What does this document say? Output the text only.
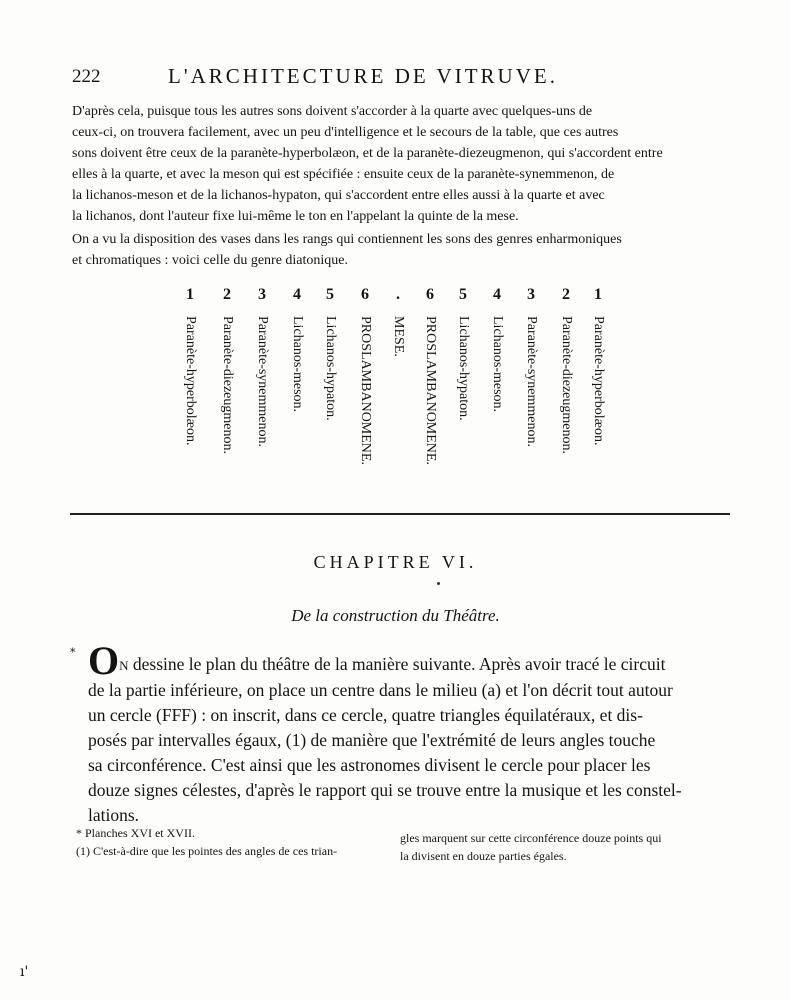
222	L'ARCHITECTURE DE VITRUVE.
D'après cela, puisque tous les autres sons doivent s'accorder à la quarte avec quelques-uns de
ceux-ci, on trouvera facilement, avec un peu d'intelligence et le secours de la table, que ces autres
sons doivent être ceux de la paranète-hyperbolæon, et de la paranète-diezeugmenon, qui s'accordent entre
elles à la quarte, et avec la meson qui est spécifiée : ensuite ceux de la paranète-synemmenon, de
la lichanos-meson et de la lichanos-hypaton, qui s'accordent entre elles aussi à la quarte et avec
la lichanos, dont l'auteur fixe lui-même le ton en l'appelant la quinte de la mese.
On a vu la disposition des vases dans les rangs qui contiennent les sons des genres enharmoniques
et chromatiques : voici celle du genre diatonique.
1
Paranète-hyperbolæon.
2
Paranète-diezeugmenon.
3
Paranète-synemmenon.
4
Lichanos-meson.
5
Lichanos-hypaton.
6
PROSLAMBANOMENE.
.
MESE.
6
PROSLAMBANOMENE.
5
Lichanos-hypaton.
4
Lichanos-meson.
3
Paranète-synemmenon.
2
Paranète-diezeugmenon.
1
Paranète-hyperbolæon.
CHAPITRE VI.
De la construction du Théâtre.
* ON dessine le plan du théâtre de la manière suivante. Après avoir tracé le circuit
de la partie inférieure, on place un centre dans le milieu (a) et l'on décrit tout autour
un cercle (FFF) : on inscrit, dans ce cercle, quatre triangles équilatéraux, et dis-
posés par intervalles égaux, (1) de manière que l'extrémité de leurs angles touche
sa circonférence. C'est ainsi que les astronomes divisent le cercle pour placer les
douze signes célestes, d'après le rapport qui se trouve entre la musique et les constel-
lations.
* Planches XVI et XVII.
(1) C'est-à-dire que les pointes des angles de ces trian-
gles marquent sur cette circonférence douze points qui
la divisent en douze parties égales.
ı'
